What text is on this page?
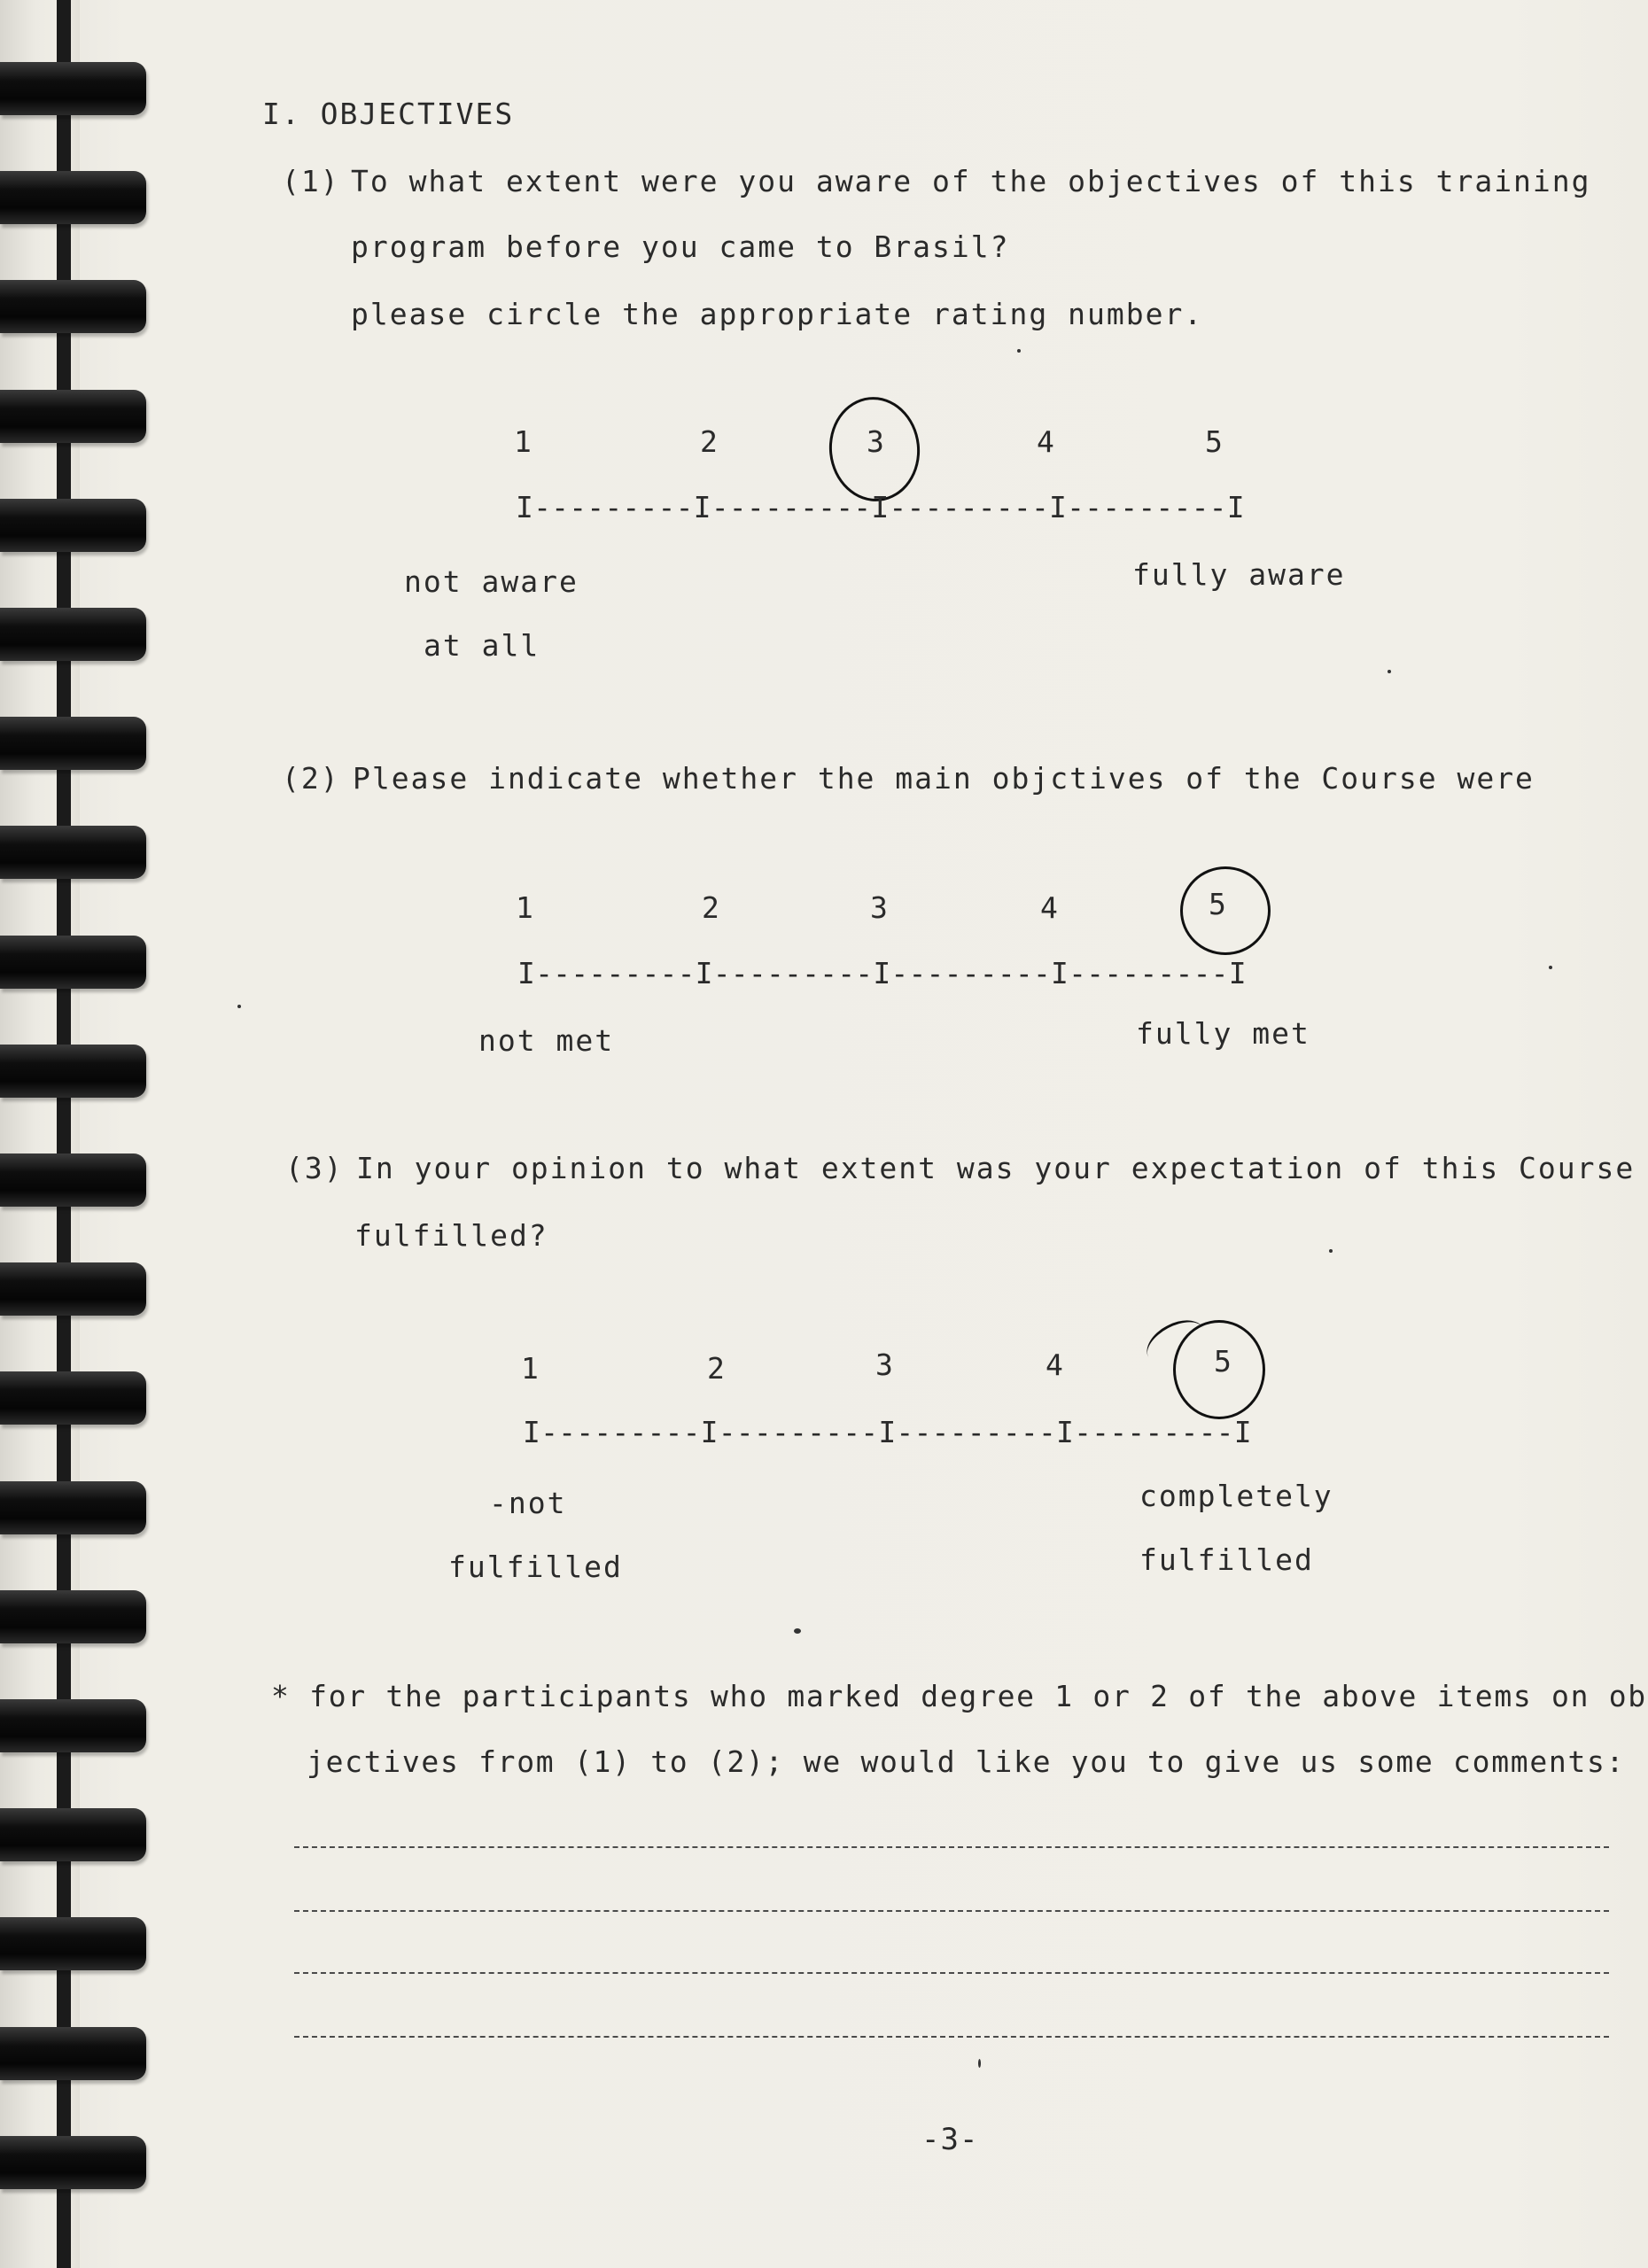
I. OBJECTIVES
(1) To what extent were you aware of the objectives of this training
program before you came to Brasil?
please circle the appropriate rating number.
1	2	3	4	5
I---------I---------I---------I---------I
not aware
at all
fully aware
(2) Please indicate whether the main objctives of the Course were
1	2	3	4	5
I---------I---------I---------I---------I
not met	fully met
(3) In your opinion to what extent was your expectation of this Course
fulfilled?
1	2	3	4	5
I---------I---------I---------I---------I
-not
fulfilled
completely
fulfilled
* for the participants who marked degree 1 or 2 of the above items on ob
jectives from (1) to (2); we would like you to give us some comments:
-3-
